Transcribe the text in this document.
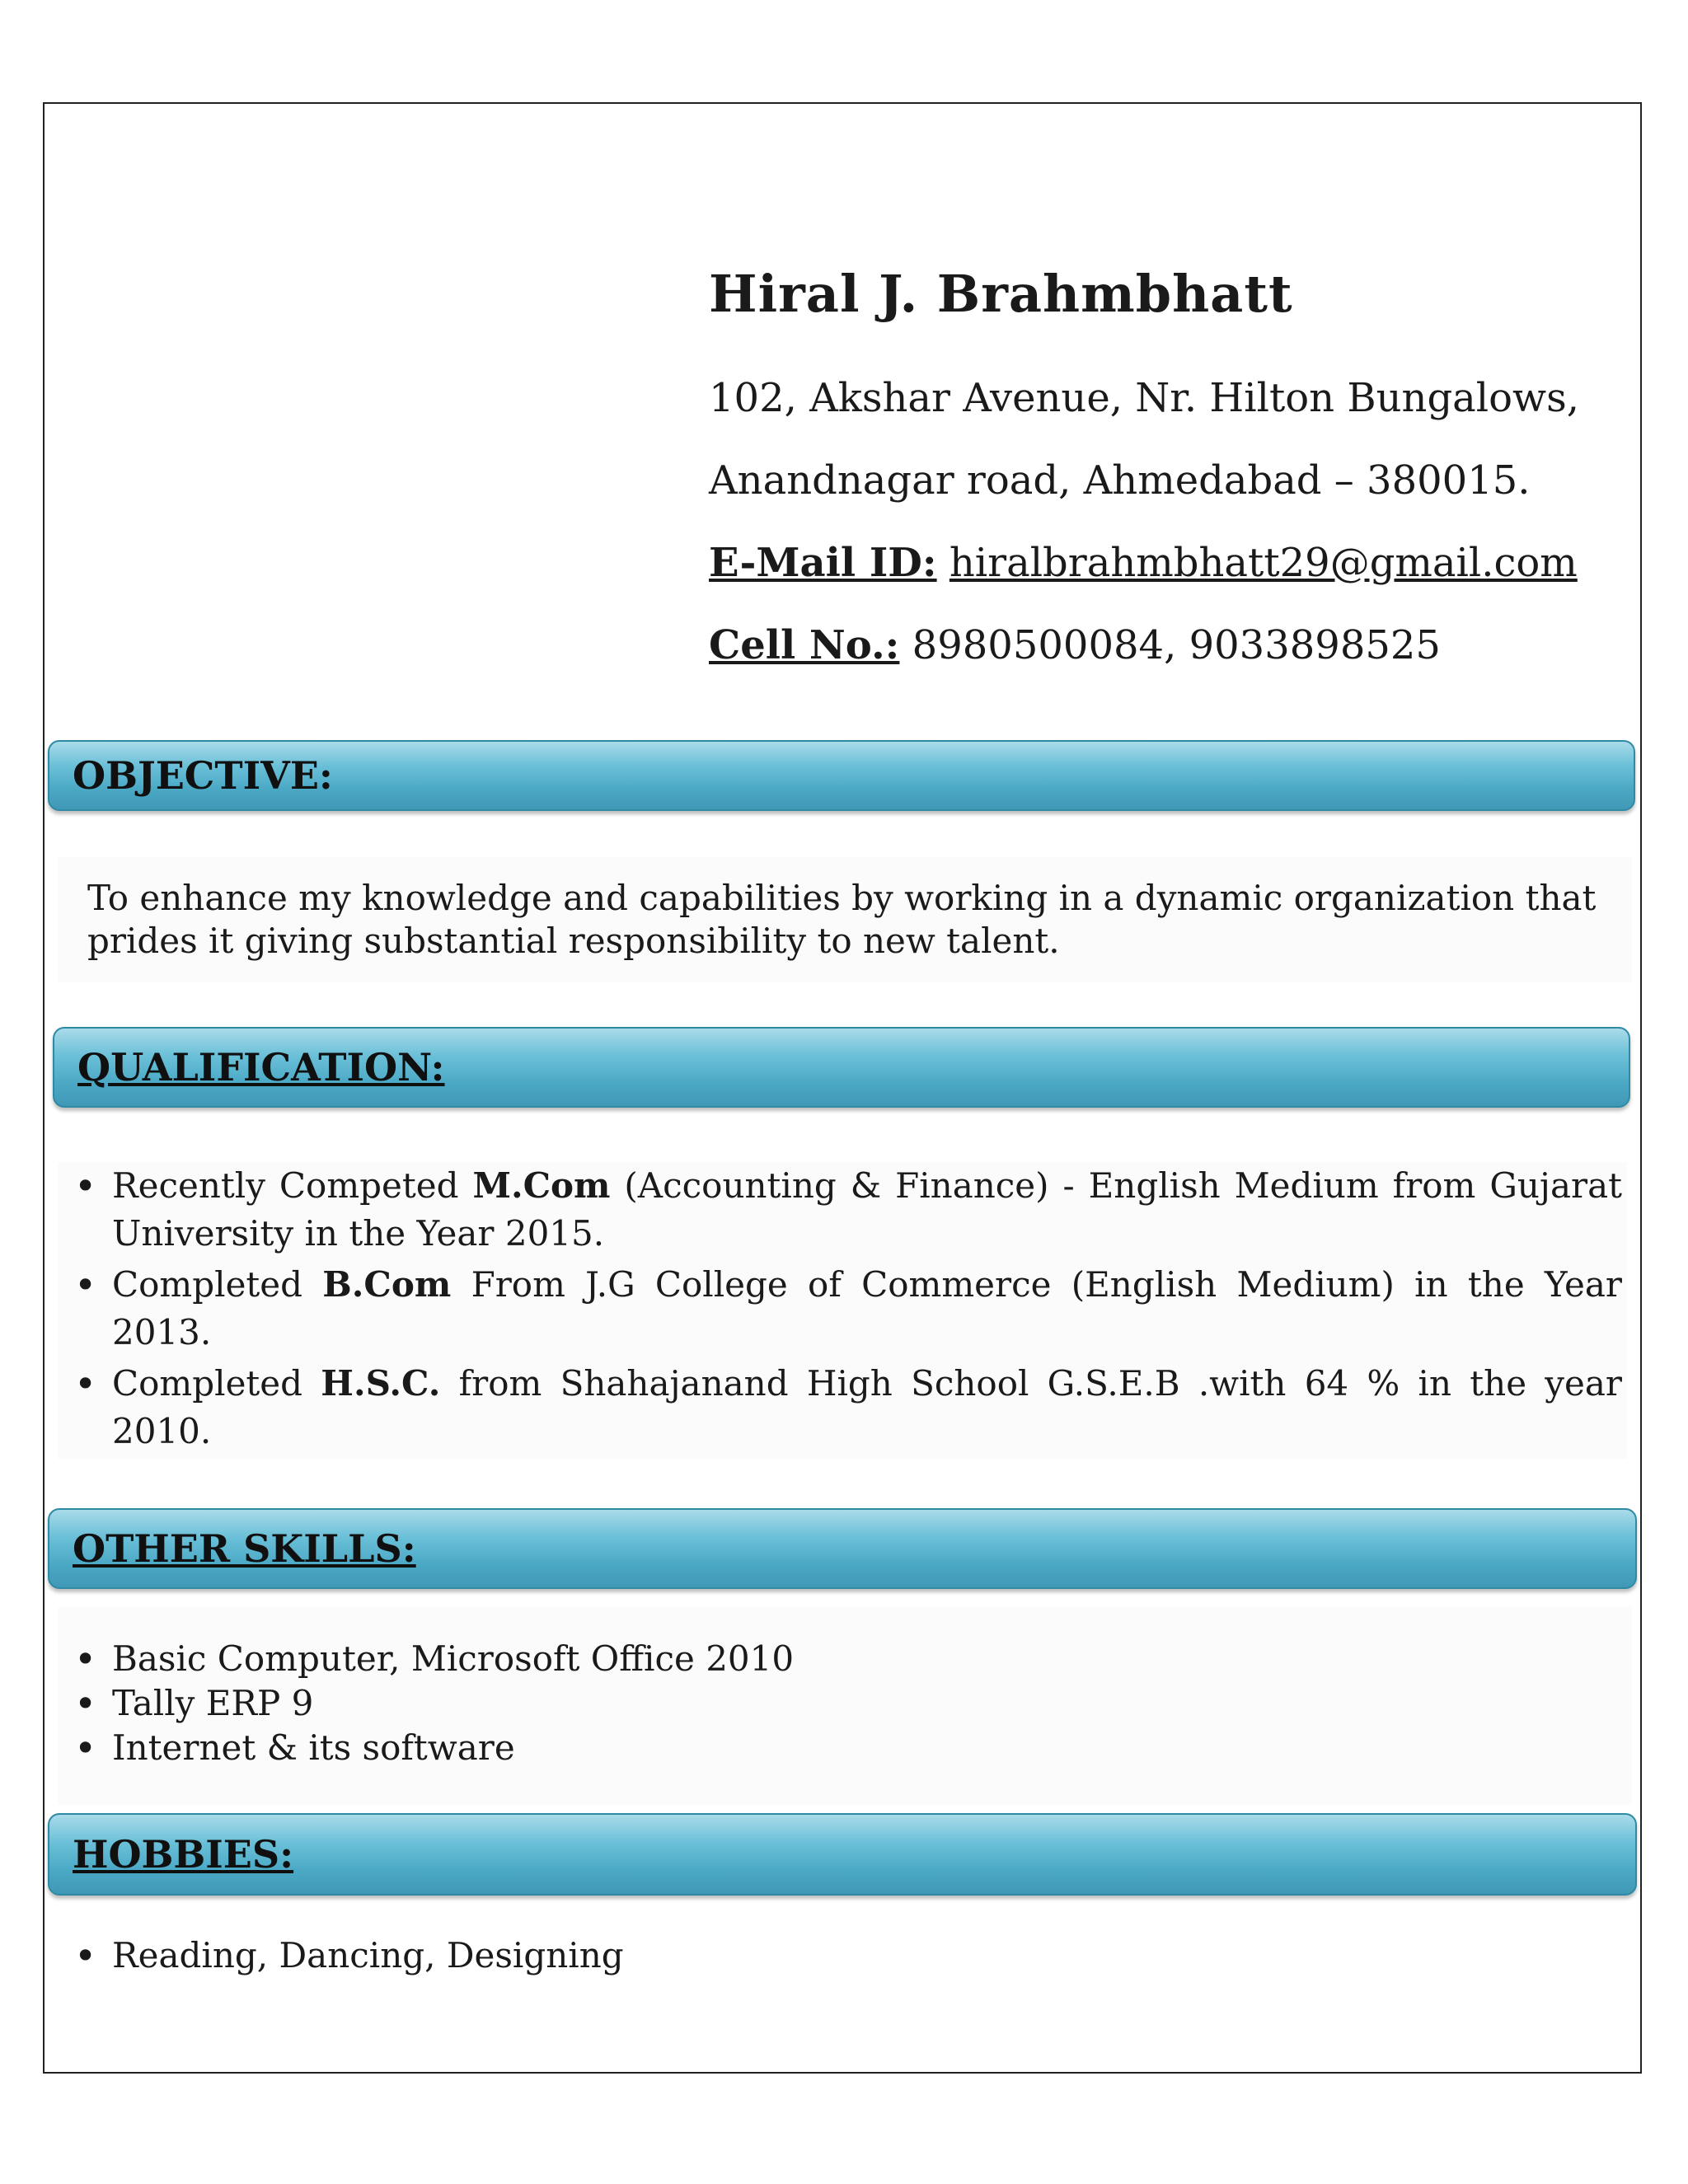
Hiral J. Brahmbhatt
102, Akshar Avenue, Nr. Hilton Bungalows,
Anandnagar road, Ahmedabad – 380015.
E-Mail ID: hiralbrahmbhatt29@gmail.com
Cell No.: 8980500084, 9033898525
OBJECTIVE:
To enhance my knowledge and capabilities by working in a dynamic organization that prides it giving substantial responsibility to new talent.
QUALIFICATION:
• Recently Competed M.Com (Accounting & Finance) - English Medium from Gujarat University in the Year 2015.
• Completed B.Com From J.G College of Commerce (English Medium) in the Year 2013.
• Completed H.S.C. from Shahajanand High School G.S.E.B .with 64 % in the year 2010.
OTHER SKILLS:
• Basic Computer, Microsoft Office 2010
• Tally ERP 9
• Internet & its software
HOBBIES:
• Reading, Dancing, Designing
